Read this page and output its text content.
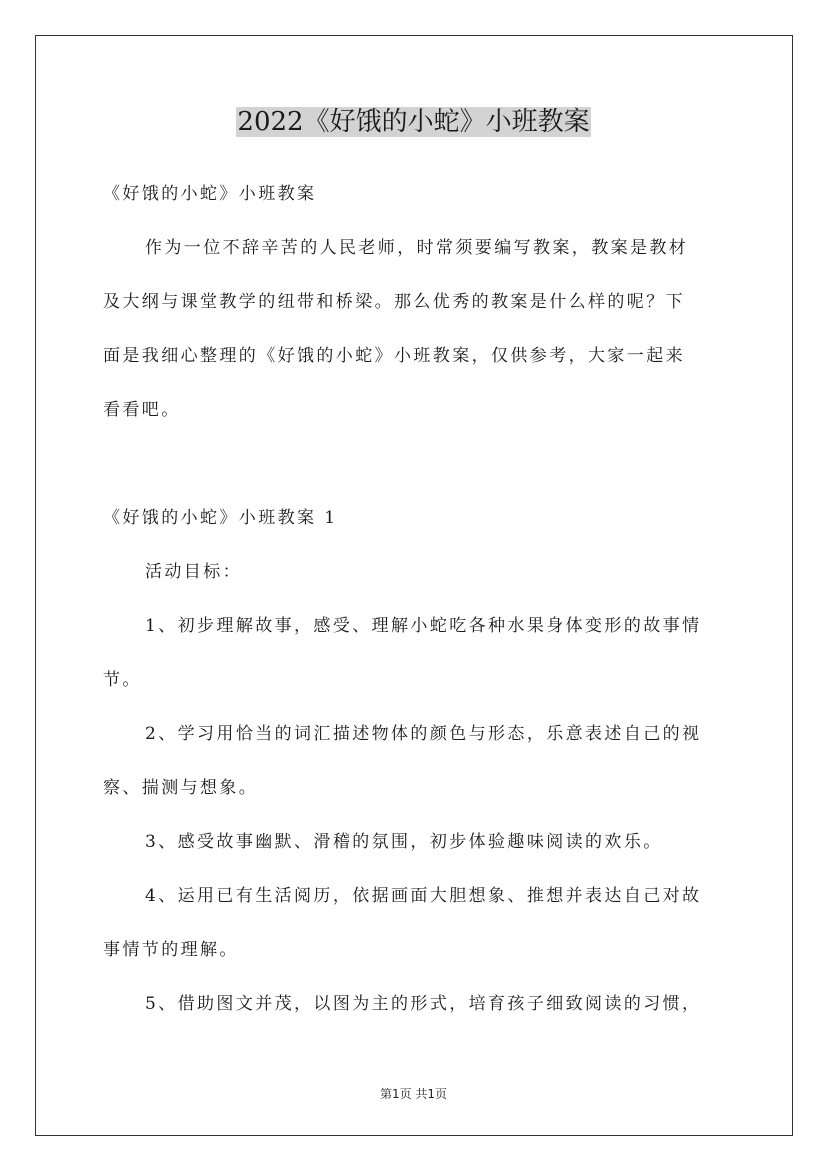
2022《好饿的小蛇》小班教案
《好饿的小蛇》小班教案
作为一位不辞辛苦的人民老师，时常须要编写教案，教案是教材
及大纲与课堂教学的纽带和桥梁。那么优秀的教案是什么样的呢？下
面是我细心整理的《好饿的小蛇》小班教案，仅供参考，大家一起来
看看吧。
《好饿的小蛇》小班教案 1
活动目标：
1、初步理解故事，感受、理解小蛇吃各种水果身体变形的故事情
节。
2、学习用恰当的词汇描述物体的颜色与形态，乐意表述自己的视
察、揣测与想象。
3、感受故事幽默、滑稽的氛围，初步体验趣味阅读的欢乐。
4、运用已有生活阅历，依据画面大胆想象、推想并表达自己对故
事情节的理解。
5、借助图文并茂，以图为主的形式，培育孩子细致阅读的习惯，
第1页 共1页
